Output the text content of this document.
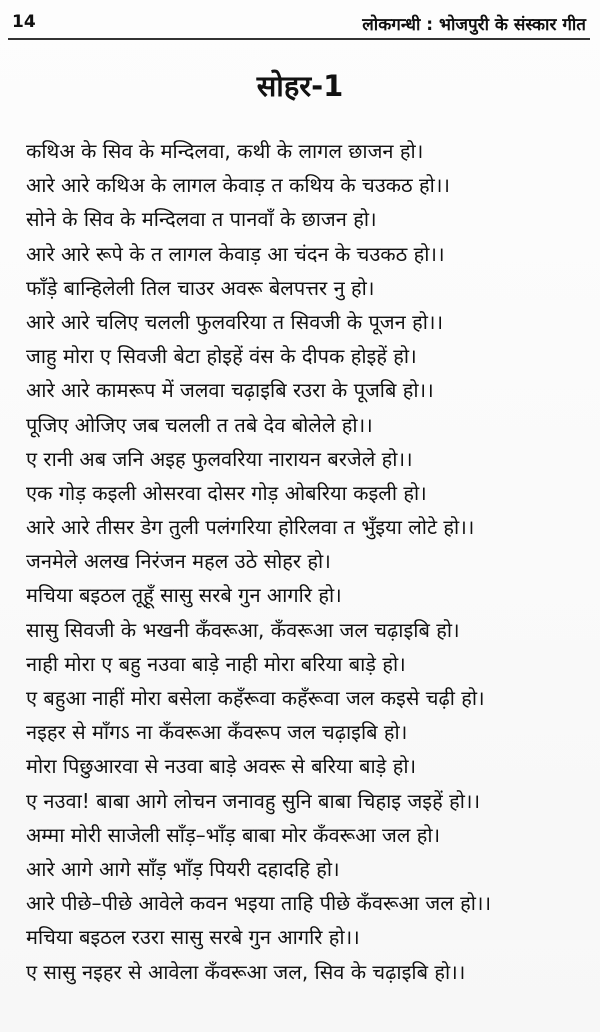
14	लोकगन्धी : भोजपुरी के संस्कार गीत
सोहर-1
कथिअ के सिव के मन्दिलवा, कथी के लागल छाजन हो।
आरे आरे कथिअ के लागल केवाड़ त कथिय के चउकठ हो।।
सोने के सिव के मन्दिलवा त पानवाँ के छाजन हो।
आरे आरे रूपे के त लागल केवाड़ आ चंदन के चउकठ हो।।
फाँड़े बान्हिलेली तिल चाउर अवरू बेलपत्तर नु हो।
आरे आरे चलिए चलली फुलवरिया त सिवजी के पूजन हो।।
जाहु मोरा ए सिवजी बेटा होइहें वंस के दीपक होइहें हो।
आरे आरे कामरूप में जलवा चढ़ाइबि रउरा के पूजबि हो।।
पूजिए ओजिए जब चलली त तबे देव बोलेले हो।।
ए रानी अब जनि अइह फुलवरिया नारायन बरजेले हो।।
एक गोड़ कइली ओसरवा दोसर गोड़ ओबरिया कइली हो।
आरे आरे तीसर डेग तुली पलंगरिया होरिलवा त भुँइया लोटे हो।।
जनमेले अलख निरंजन महल उठे सोहर हो।
मचिया बइठल तूहूँ सासु सरबे गुन आगरि हो।
सासु सिवजी के भखनी कँवरूआ, कँवरूआ जल चढ़ाइबि हो।
नाही मोरा ए बहु नउवा बाड़े नाही मोरा बरिया बाड़े हो।
ए बहुआ नाहीं मोरा बसेला कहँरूवा कहँरूवा जल कइसे चढ़ी हो।
नइहर से माँगऽ ना कँवरूआ कँवरूप जल चढ़ाइबि हो।
मोरा पिछुआरवा से नउवा बाड़े अवरू से बरिया बाड़े हो।
ए नउवा! बाबा आगे लोचन जनावहु सुनि बाबा चिहाइ जइहें हो।।
अम्मा मोरी साजेली साँड़–भाँड़ बाबा मोर कँवरूआ जल हो।
आरे आगे आगे साँड़ भाँड़ पियरी दहादहि हो।
आरे पीछे–पीछे आवेले कवन भइया ताहि पीछे कँवरूआ जल हो।।
मचिया बइठल रउरा सासु सरबे गुन आगरि हो।।
ए सासु नइहर से आवेला कँवरूआ जल, सिव के चढ़ाइबि हो।।
